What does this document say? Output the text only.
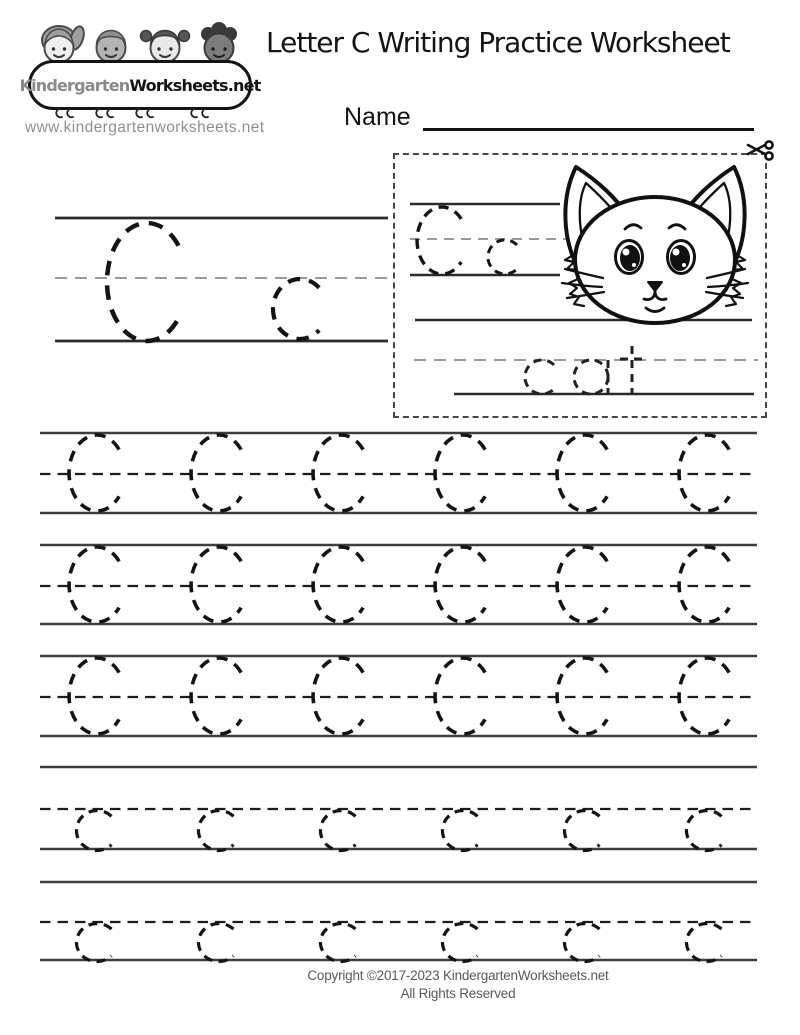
Kindergarten Worksheets.net
www.kindergartenworksheets.net
Letter C Writing Practice Worksheet
Name
Copyright ©2017-2023 KindergartenWorksheets.net
All Rights Reserved
